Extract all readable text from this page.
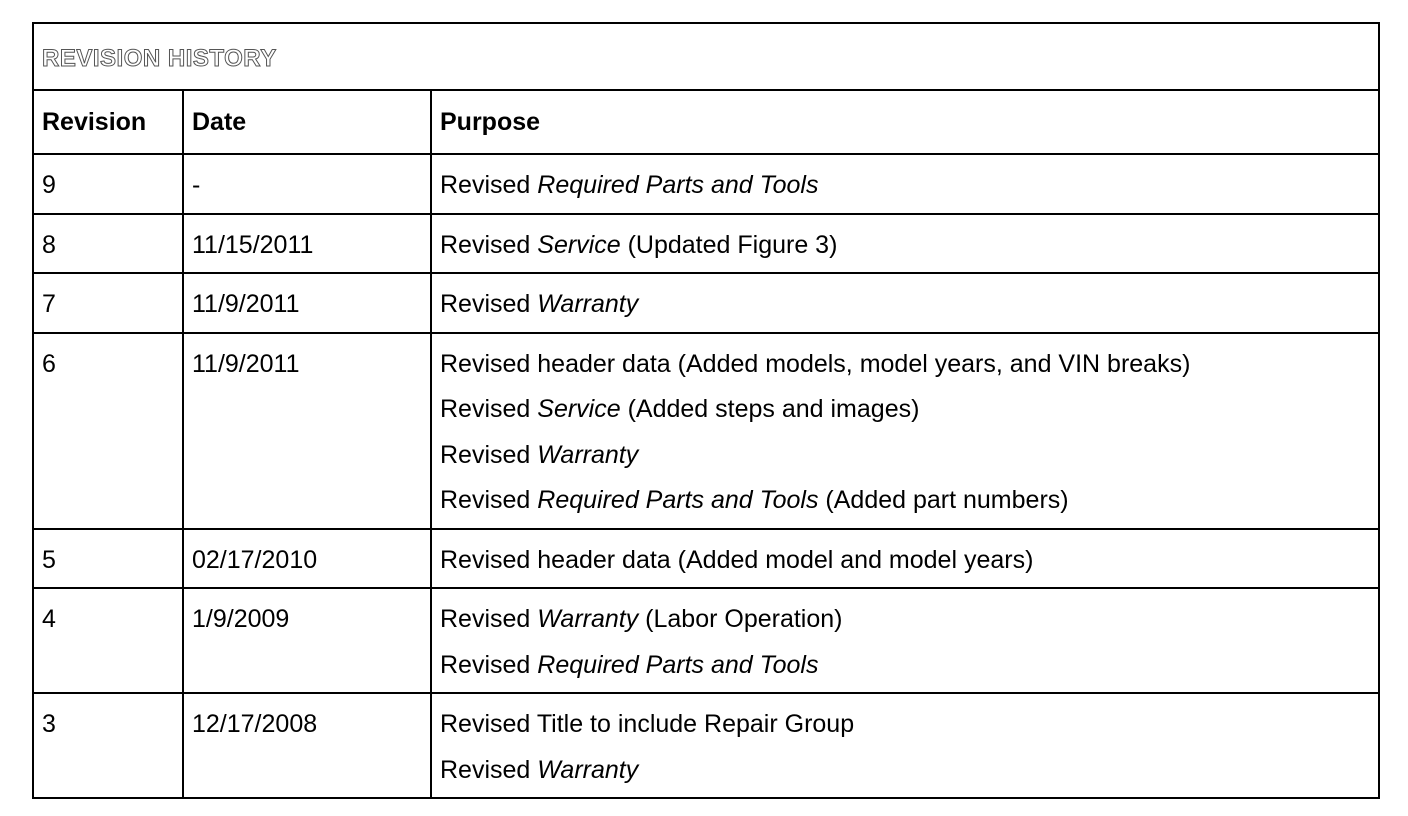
REVISION HISTORY		
Revision	Date	Purpose
9	-	Revised Required Parts and Tools

8	11/15/2011	Revised Service (Updated Figure 3)

7	11/9/2011	Revised Warranty

6	11/9/2011	Revised header data (Added models, model years, and VIN breaks)
Revised Service (Added steps and images)
Revised Warranty
Revised Required Parts and Tools (Added part numbers)

5	02/17/2010	Revised header data (Added model and model years)

4	1/9/2009	Revised Warranty (Labor Operation)
Revised Required Parts and Tools

3	12/17/2008	Revised Title to include Repair Group
Revised Warranty
